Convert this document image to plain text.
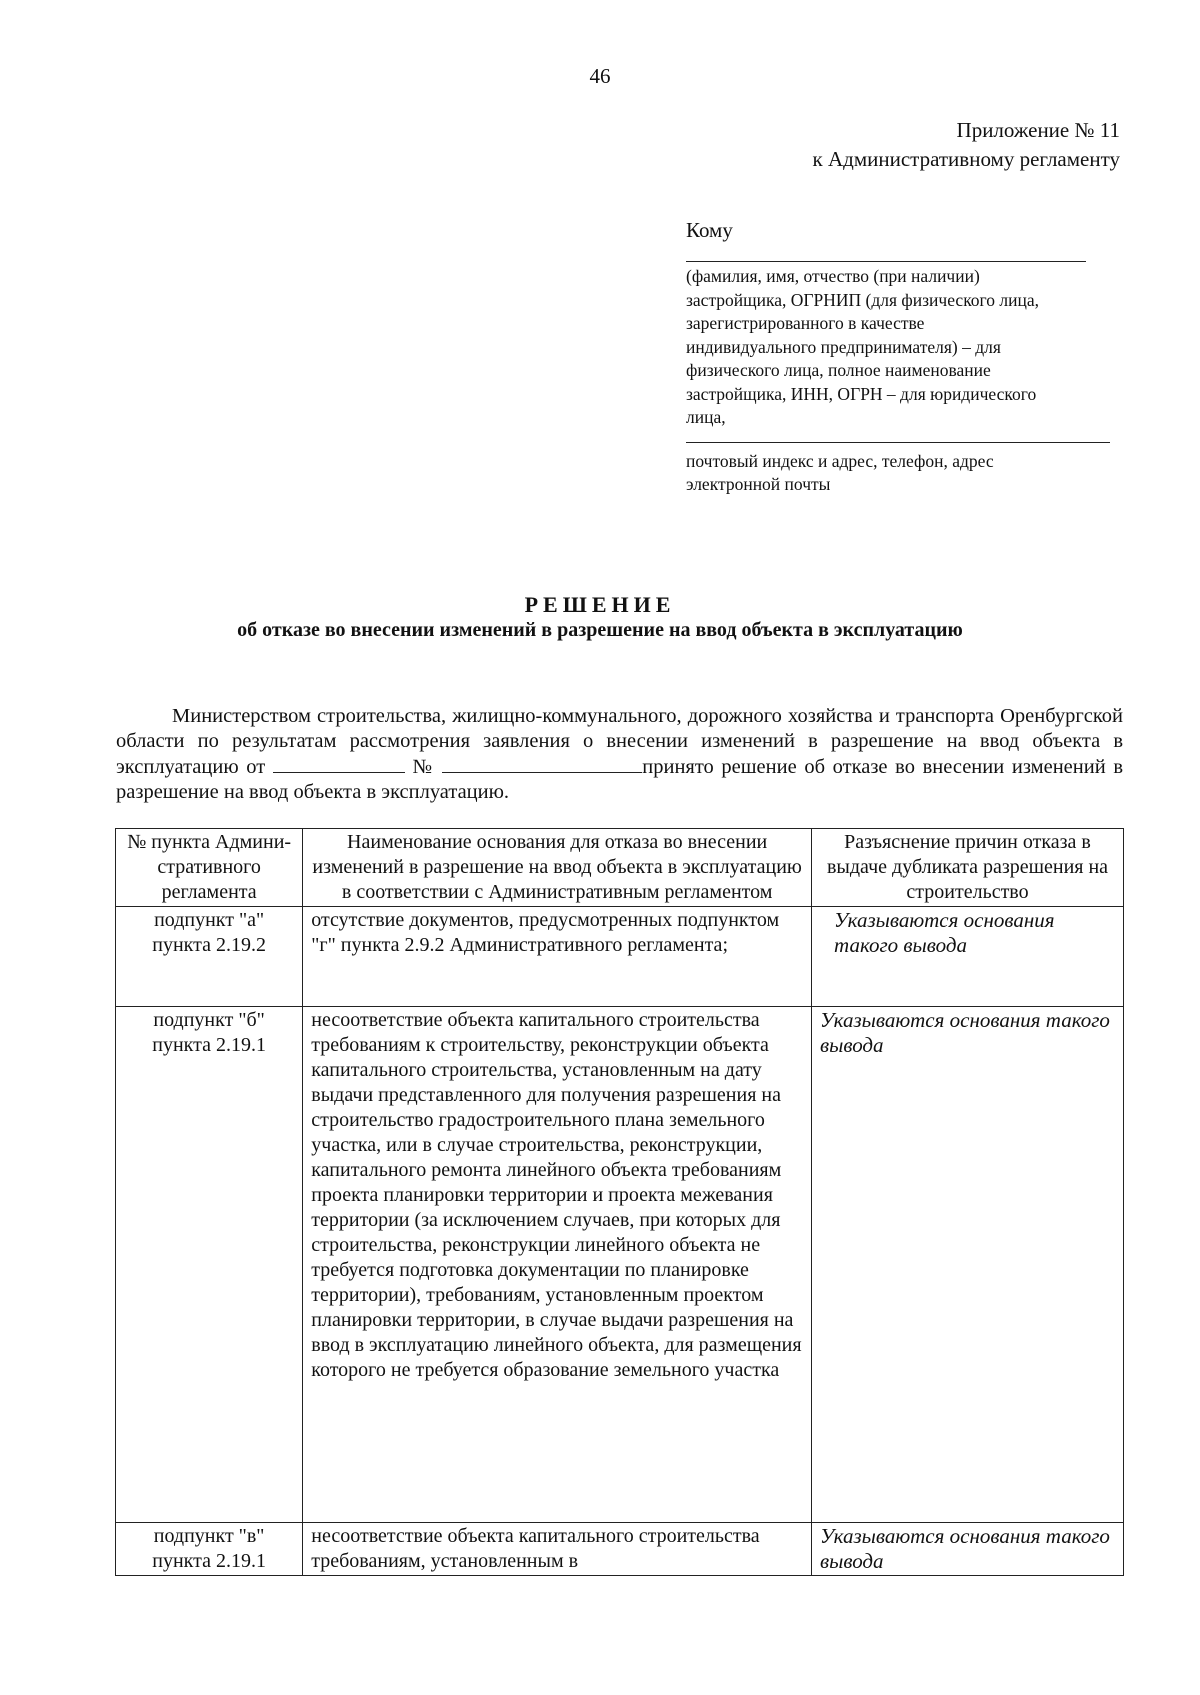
46
Приложение № 11
к Административному регламенту
Кому
(фамилия, имя, отчество (при наличии)
застройщика, ОГРНИП (для физического лица,
зарегистрированного в качестве
индивидуального предпринимателя) – для
физического лица, полное наименование
застройщика, ИНН, ОГРН – для юридического
лица,
почтовый индекс и адрес, телефон, адрес
электронной почты
РЕШЕНИЕ
об отказе во внесении изменений в разрешение на ввод объекта в эксплуатацию

Министерством строительства, жилищно-коммунального, дорожного хозяйства и транспорта Оренбургской области по результатам рассмотрения заявления о внесении изменений в разрешение на ввод объекта в эксплуатацию от	№	принято решение об отказе во внесении изменений в разрешение на ввод объекта в эксплуатацию.

№ пункта Админи-стративного регламента	Наименование основания для отказа во внесении изменений в разрешение на ввод объекта в эксплуатацию в соответствии с Административным регламентом	Разъяснение причин отказа в выдаче дубликата разрешения на строительство
подпункт "а" пункта 2.19.2	отсутствие документов, предусмотренных подпунктом "г" пункта 2.9.2 Административного регламента;	Указываются основания такого вывода
подпункт "б" пункта 2.19.1	несоответствие объекта капитального строительства требованиям к строительству, реконструкции объекта капитального строительства, установленным на дату выдачи представленного для получения разрешения на строительство градостроительного плана земельного участка, или в случае строительства, реконструкции, капитального ремонта линейного объекта требованиям проекта планировки территории и проекта межевания территории (за исключением случаев, при которых для строительства, реконструкции линейного объекта не требуется подготовка документации по планировке территории), требованиям, установленным проектом планировки территории, в случае выдачи разрешения на ввод в эксплуатацию линейного объекта, для размещения которого не требуется образование земельного участка	Указываются основания такого вывода
подпункт "в" пункта 2.19.1	несоответствие объекта капитального строительства требованиям, установленным в	Указываются основания такого вывода
